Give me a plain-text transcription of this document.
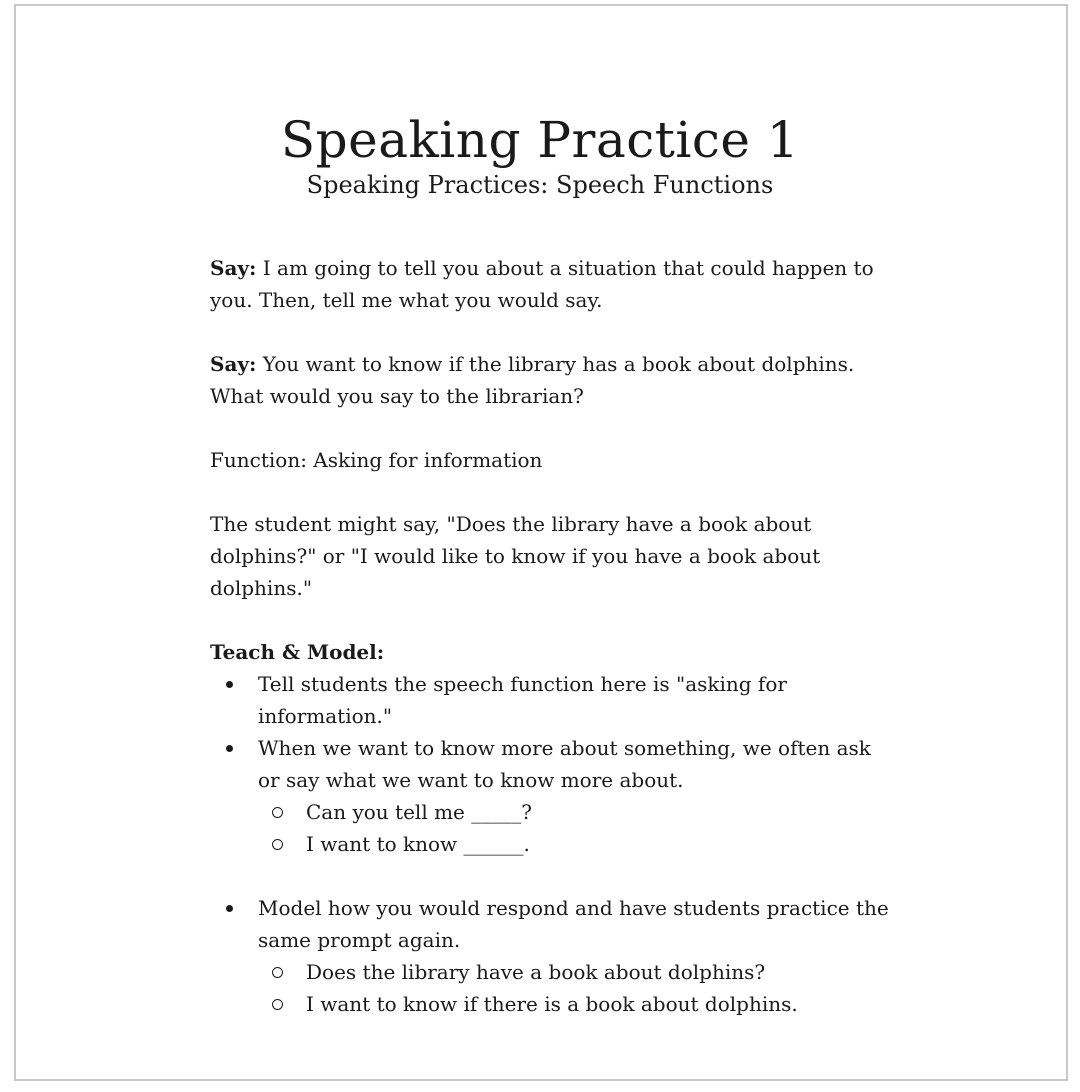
Speaking Practice 1
Speaking Practices: Speech Functions

Say: I am going to tell you about a situation that could happen to you. Then, tell me what you would say.

Say: You want to know if the library has a book about dolphins. What would you say to the librarian?

Function: Asking for information

The student might say, "Does the library have a book about dolphins?" or "I would like to know if you have a book about dolphins."

Teach & Model:
Tell students the speech function here is "asking for information."
When we want to know more about something, we often ask or say what we want to know more about.
Can you tell me _____?
I want to know ______.
Model how you would respond and have students practice the same prompt again.
Does the library have a book about dolphins?
I want to know if there is a book about dolphins.
